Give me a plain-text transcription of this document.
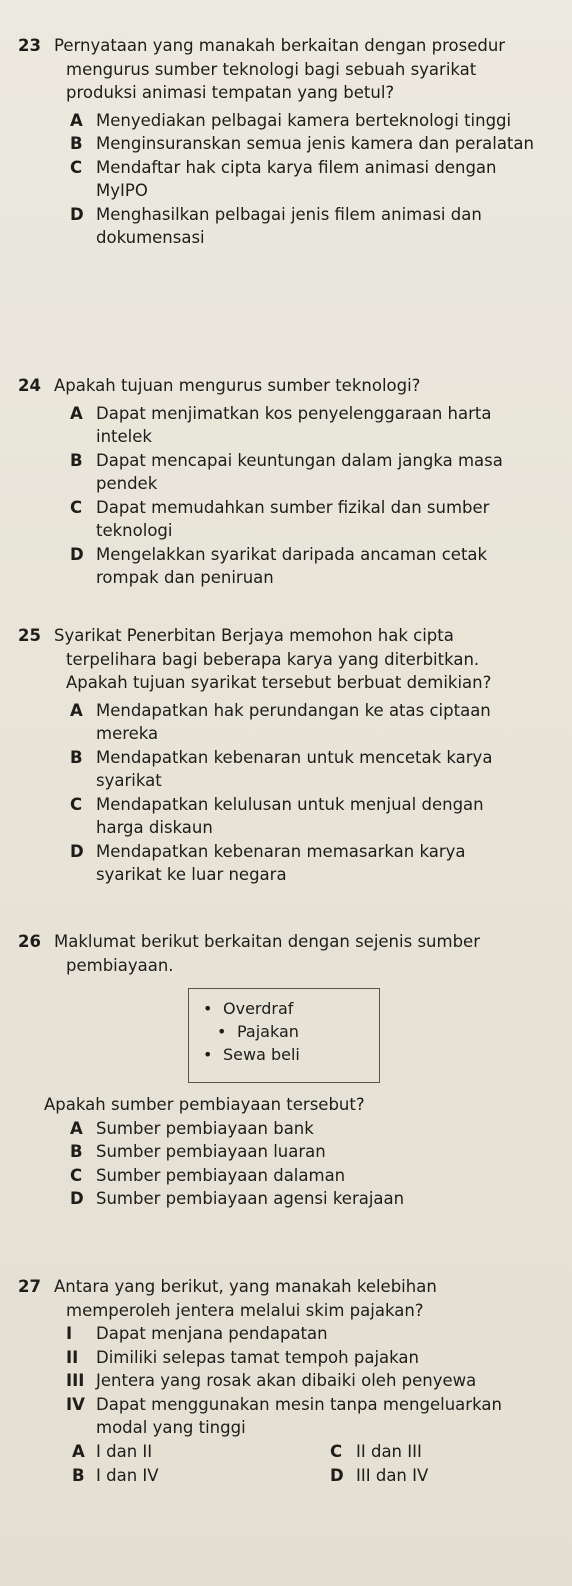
23 Pernyataan yang manakah berkaitan dengan prosedur mengurus sumber teknologi bagi sebuah syarikat produksi animasi tempatan yang betul?
A Menyediakan pelbagai kamera berteknologi tinggi
B Menginsuranskan semua jenis kamera dan peralatan
C Mendaftar hak cipta karya filem animasi dengan MyIPO
D Menghasilkan pelbagai jenis filem animasi dan dokumensasi
24 Apakah tujuan mengurus sumber teknologi?
A Dapat menjimatkan kos penyelenggaraan harta intelek
B Dapat mencapai keuntungan dalam jangka masa pendek
C Dapat memudahkan sumber fizikal dan sumber teknologi
D Mengelakkan syarikat daripada ancaman cetak rompak dan peniruan
25 Syarikat Penerbitan Berjaya memohon hak cipta terpelihara bagi beberapa karya yang diterbitkan. Apakah tujuan syarikat tersebut berbuat demikian?
A Mendapatkan hak perundangan ke atas ciptaan mereka
B Mendapatkan kebenaran untuk mencetak karya syarikat
C Mendapatkan kelulusan untuk menjual dengan harga diskaun
D Mendapatkan kebenaran memasarkan karya syarikat ke luar negara
26 Maklumat berikut berkaitan dengan sejenis sumber pembiayaan.
• Overdraf
• Pajakan
• Sewa beli
Apakah sumber pembiayaan tersebut?
A Sumber pembiayaan bank
B Sumber pembiayaan luaran
C Sumber pembiayaan dalaman
D Sumber pembiayaan agensi kerajaan
27 Antara yang berikut, yang manakah kelebihan memperoleh jentera melalui skim pajakan?
I Dapat menjana pendapatan
II Dimiliki selepas tamat tempoh pajakan
III Jentera yang rosak akan dibaiki oleh penyewa
IV Dapat menggunakan mesin tanpa mengeluarkan modal yang tinggi
A I dan II	C II dan III
B I dan IV	D III dan IV
